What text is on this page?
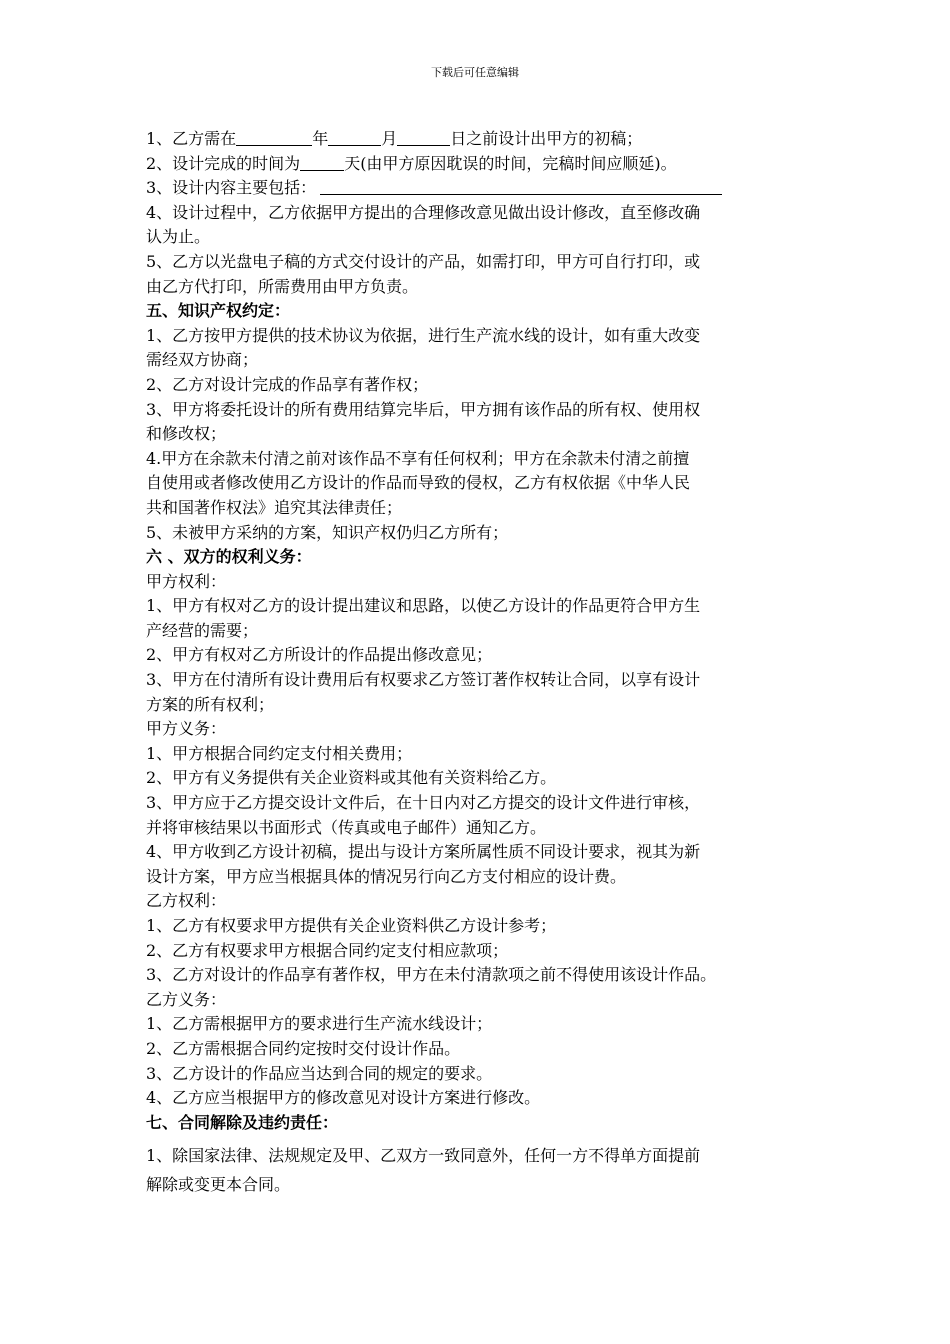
下载后可任意编辑
1、乙方需在	年	月	日之前设计出甲方的初稿；
2、设计完成的时间为	天(由甲方原因耽误的时间，完稿时间应顺延)。
3、设计内容主要包括：
4、设计过程中，乙方依据甲方提出的合理修改意见做出设计修改，直至修改确
认为止。
5、乙方以光盘电子稿的方式交付设计的产品，如需打印，甲方可自行打印，或
由乙方代打印，所需费用由甲方负责。
五、知识产权约定：
1、乙方按甲方提供的技术协议为依据，进行生产流水线的设计，如有重大改变
需经双方协商；
2、乙方对设计完成的作品享有著作权；
3、甲方将委托设计的所有费用结算完毕后，甲方拥有该作品的所有权、使用权
和修改权；
4.甲方在余款未付清之前对该作品不享有任何权利；甲方在余款未付清之前擅
自使用或者修改使用乙方设计的作品而导致的侵权，乙方有权依据《中华人民
共和国著作权法》追究其法律责任；
5、未被甲方采纳的方案，知识产权仍归乙方所有；
六 、双方的权利义务：
甲方权利：
1、甲方有权对乙方的设计提出建议和思路，以使乙方设计的作品更符合甲方生
产经营的需要；
2、甲方有权对乙方所设计的作品提出修改意见；
3、甲方在付清所有设计费用后有权要求乙方签订著作权转让合同，以享有设计
方案的所有权利；
甲方义务：
1、甲方根据合同约定支付相关费用；
2、甲方有义务提供有关企业资料或其他有关资料给乙方。
3、甲方应于乙方提交设计文件后，在十日内对乙方提交的设计文件进行审核，
并将审核结果以书面形式（传真或电子邮件）通知乙方。
4、甲方收到乙方设计初稿，提出与设计方案所属性质不同设计要求，视其为新
设计方案，甲方应当根据具体的情况另行向乙方支付相应的设计费。
乙方权利：
1、乙方有权要求甲方提供有关企业资料供乙方设计参考；
2、乙方有权要求甲方根据合同约定支付相应款项；
3、乙方对设计的作品享有著作权，甲方在未付清款项之前不得使用该设计作品。
乙方义务：
1、乙方需根据甲方的要求进行生产流水线设计；
2、乙方需根据合同约定按时交付设计作品。
3、乙方设计的作品应当达到合同的规定的要求。
4、乙方应当根据甲方的修改意见对设计方案进行修改。
七、合同解除及违约责任：
1、除国家法律、法规规定及甲、乙双方一致同意外，任何一方不得单方面提前
解除或变更本合同。
